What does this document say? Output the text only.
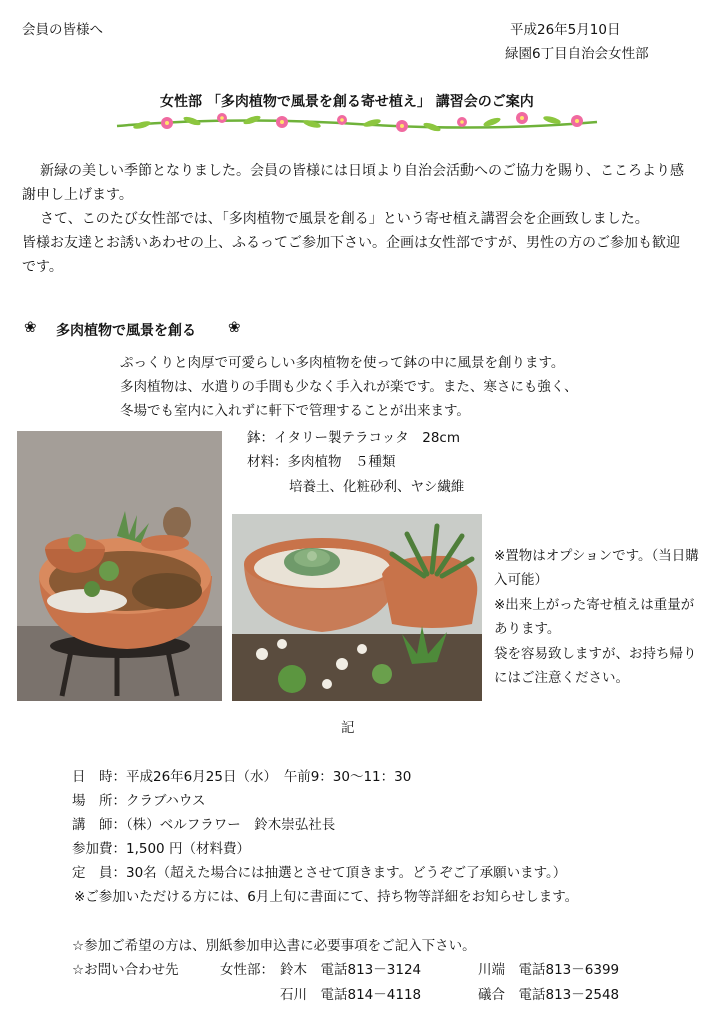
会員の皆様へ	平成26年5月10日
緑園6丁目自治会女性部
女性部 「多肉植物で風景を創る寄せ植え」 講習会のご案内
新緑の美しい季節となりました。会員の皆様には日頃より自治会活動へのご協力を賜り、こころより感謝申し上げます。
さて、このたび女性部では、「多肉植物で風景を創る」という寄せ植え講習会を企画致しました。
皆様お友達とお誘いあわせの上、ふるってご参加下さい。企画は女性部ですが、男性の方のご参加も歓迎です。
❀ 多肉植物で風景を創る ❀
ぷっくりと肉厚で可愛らしい多肉植物を使って鉢の中に風景を創ります。
多肉植物は、水遣りの手間も少なく手入れが楽です。また、寒さにも強く、
冬場でも室内に入れずに軒下で管理することが出来ます。
鉢：イタリー製テラコッタ　28cm
材料：多肉植物　５種類
培養土、化粧砂利、ヤシ繊維
※置物はオプションです。（当日購入可能）
※出来上がった寄せ植えは重量があります。
袋を容易致しますが、お持ち帰りにはご注意ください。
記
日　時：平成26年6月25日（水）　午前9：30～11：30
場　所：クラブハウス
講　師：（株）ベルフラワー　鈴木崇弘社長
参加費：1,500 円（材料費）
定　員：30名（超えた場合には抽選とさせて頂きます。どうぞご了承願います。）
※ご参加いただける方には、6月上旬に書面にて、持ち物等詳細をお知らせします。
☆参加ご希望の方は、別紙参加申込書に必要事項をご記入下さい。
☆お問い合わせ先	女性部： 鈴木　電話813－3124	川端　電話813－6399
石川　電話814－4118	礒合　電話813－2548
